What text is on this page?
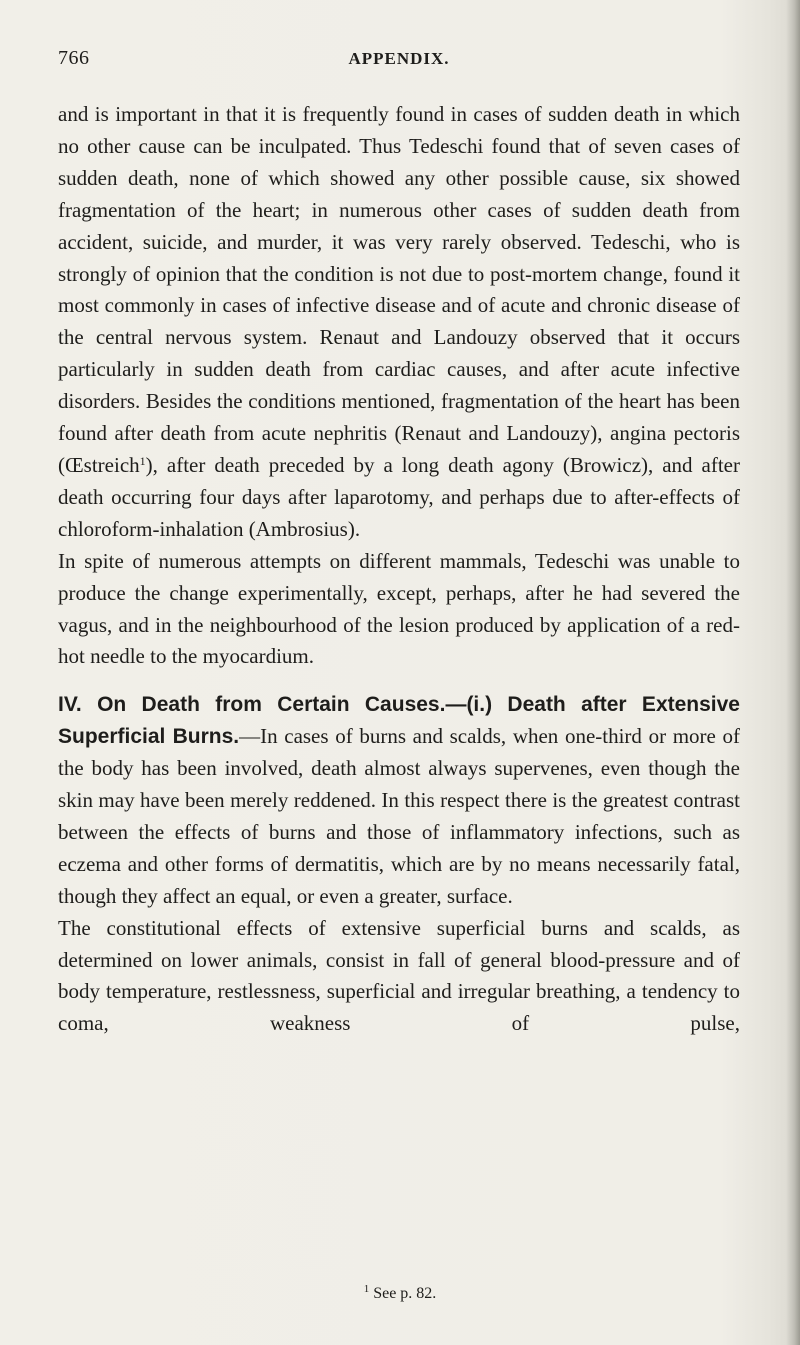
766	APPENDIX.

and is important in that it is frequently found in cases of sudden death in which no other cause can be inculpated. Thus Tedeschi found that of seven cases of sudden death, none of which showed any other possible cause, six showed fragmentation of the heart; in numerous other cases of sudden death from accident, suicide, and murder, it was very rarely observed. Tedeschi, who is strongly of opinion that the condition is not due to post-mortem change, found it most commonly in cases of infective disease and of acute and chronic disease of the central nervous system. Renaut and Landouzy observed that it occurs particularly in sudden death from cardiac causes, and after acute infective disorders. Besides the conditions mentioned, fragmentation of the heart has been found after death from acute nephritis (Renaut and Landouzy), angina pectoris (Œstreich$^1$), after death preceded by a long death agony (Browicz), and after death occurring four days after laparotomy, and perhaps due to after-effects of chloroform-inhalation (Ambrosius).

In spite of numerous attempts on different mammals, Tedeschi was unable to produce the change experimentally, except, perhaps, after he had severed the vagus, and in the neighbourhood of the lesion produced by application of a red-hot needle to the myocardium.

IV. On Death from Certain Causes.—(i.) Death after Extensive Superficial Burns.—In cases of burns and scalds, when one-third or more of the body has been involved, death almost always supervenes, even though the skin may have been merely reddened. In this respect there is the greatest contrast between the effects of burns and those of inflammatory infections, such as eczema and other forms of dermatitis, which are by no means necessarily fatal, though they affect an equal, or even a greater, surface.

The constitutional effects of extensive superficial burns and scalds, as determined on lower animals, consist in fall of general blood-pressure and of body temperature, restlessness, superficial and irregular breathing, a tendency to coma, weakness of pulse,

$^1$ See p. 82.
